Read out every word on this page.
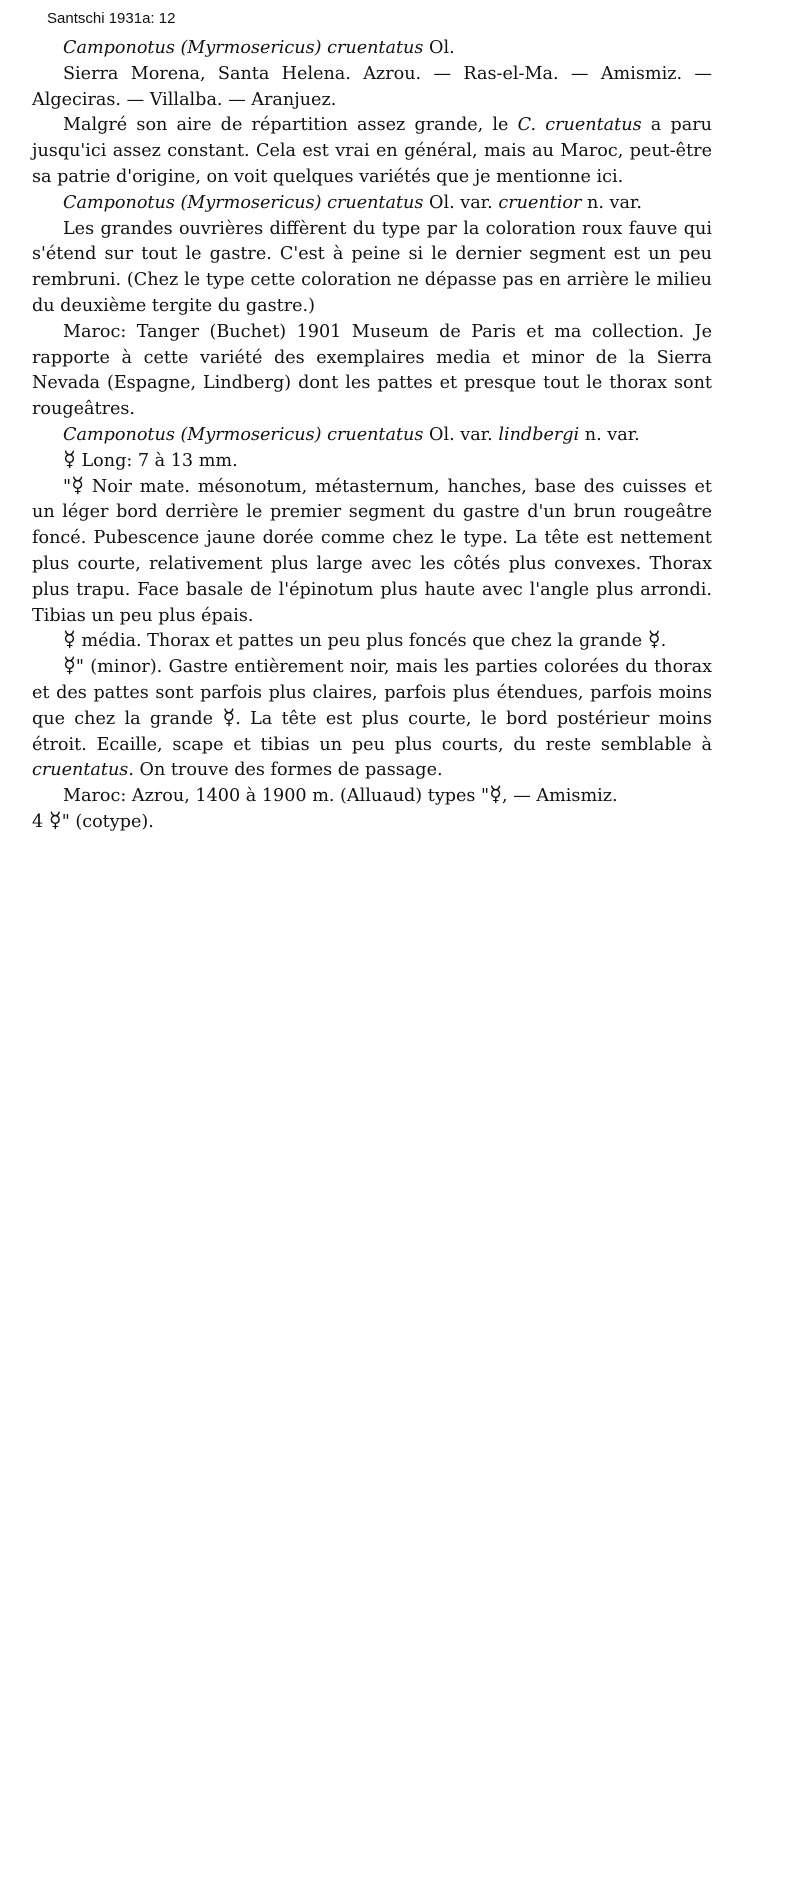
Santschi 1931a: 12

Camponotus (Myrmosericus) cruentatus Ol.

Sierra Morena, Santa Helena. Azrou. — Ras-el-Ma. — Amismiz. — Algeciras. — Villalba. — Aranjuez.

Malgré son aire de répartition assez grande, le C. cruentatus a paru jusqu'ici assez constant. Cela est vrai en général, mais au Maroc, peut-être sa patrie d'origine, on voit quelques variétés que je mentionne ici.

Camponotus (Myrmosericus) cruentatus Ol. var. cruentior n. var.

Les grandes ouvrières diffèrent du type par la coloration roux fauve qui s'étend sur tout le gastre. C'est à peine si le dernier segment est un peu rembruni. (Chez le type cette coloration ne dépasse pas en arrière le milieu du deuxième tergite du gastre.)

Maroc: Tanger (Buchet) 1901 Museum de Paris et ma collection. Je rapporte à cette variété des exemplaires media et minor de la Sierra Nevada (Espagne, Lindberg) dont les pattes et presque tout le thorax sont rougeâtres.

Camponotus (Myrmosericus) cruentatus Ol. var. lindbergi n. var.

☿ Long: 7 à 13 mm.

"☿ Noir mate. mésonotum, métasternum, hanches, base des cuisses et un léger bord derrière le premier segment du gastre d'un brun rougeâtre foncé. Pubescence jaune dorée comme chez le type. La tête est nettement plus courte, relativement plus large avec les côtés plus convexes. Thorax plus trapu. Face basale de l'épinotum plus haute avec l'angle plus arrondi. Tibias un peu plus épais.

☿ média. Thorax et pattes un peu plus foncés que chez la grande ☿.

☿" (minor). Gastre entièrement noir, mais les parties colorées du thorax et des pattes sont parfois plus claires, parfois plus étendues, parfois moins que chez la grande ☿. La tête est plus courte, le bord postérieur moins étroit. Ecaille, scape et tibias un peu plus courts, du reste semblable à cruentatus. On trouve des formes de passage.

Maroc: Azrou, 1400 à 1900 m. (Alluaud) types "☿, — Amismiz.

4 ☿" (cotype).
